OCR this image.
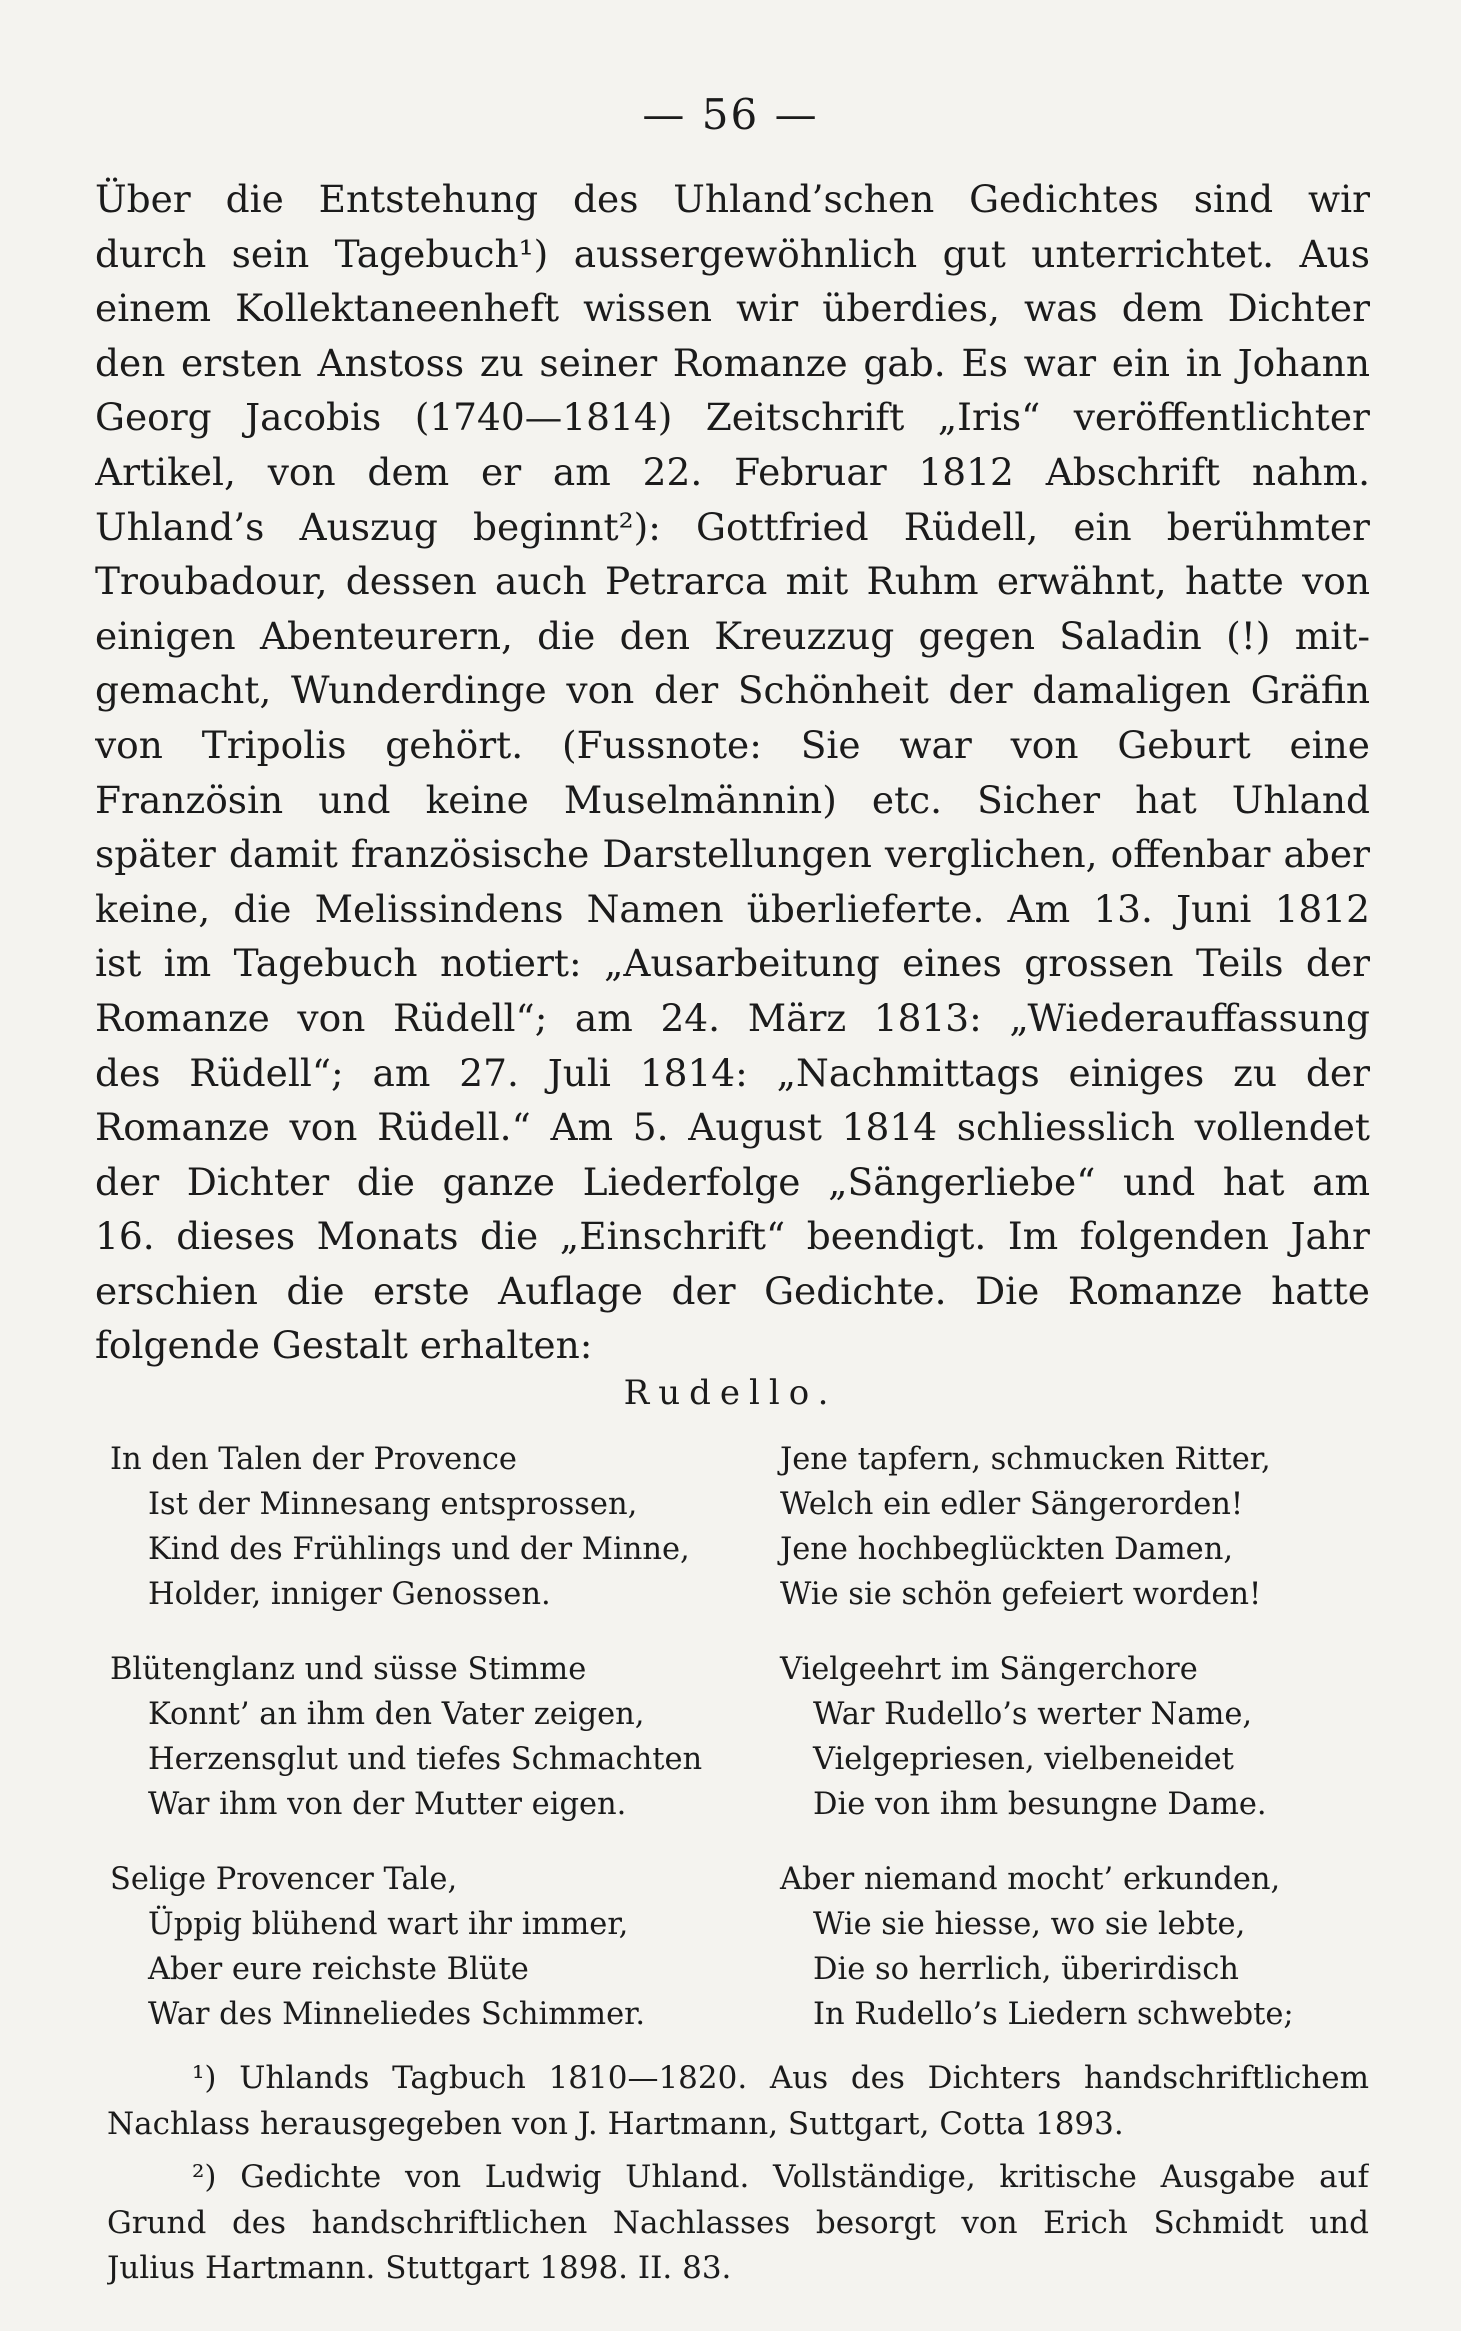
— 56 —
Über die Entstehung des Uhland’schen Gedichtes sind wir
durch sein Tagebuch¹) aussergewöhnlich gut unterrichtet. Aus
einem Kollektaneenheft wissen wir überdies, was dem Dichter
den ersten Anstoss zu seiner Romanze gab. Es war ein in Johann
Georg Jacobis (1740—1814) Zeitschrift „Iris“ veröffentlichter
Artikel, von dem er am 22. Februar 1812 Abschrift nahm.
Uhland’s Auszug beginnt²): Gottfried Rüdell, ein berühmter
Troubadour, dessen auch Petrarca mit Ruhm erwähnt, hatte von
einigen Abenteurern, die den Kreuzzug gegen Saladin (!) mit-
gemacht, Wunderdinge von der Schönheit der damaligen Gräfin
von Tripolis gehört. (Fussnote: Sie war von Geburt eine
Französin und keine Muselmännin) etc. Sicher hat Uhland
später damit französische Darstellungen verglichen, offenbar aber
keine, die Melissindens Namen überlieferte. Am 13. Juni 1812
ist im Tagebuch notiert: „Ausarbeitung eines grossen Teils der
Romanze von Rüdell“; am 24. März 1813: „Wiederauffassung
des Rüdell“; am 27. Juli 1814: „Nachmittags einiges zu der
Romanze von Rüdell.“ Am 5. August 1814 schliesslich vollendet
der Dichter die ganze Liederfolge „Sängerliebe“ und hat am
16. dieses Monats die „Einschrift“ beendigt. Im folgenden Jahr
erschien die erste Auflage der Gedichte. Die Romanze hatte
folgende Gestalt erhalten:
Rudello.
In den Talen der Provence
Ist der Minnesang entsprossen,
Kind des Frühlings und der Minne,
Holder, inniger Genossen.
Jene tapfern, schmucken Ritter,
Welch ein edler Sängerorden!
Jene hochbeglückten Damen,
Wie sie schön gefeiert worden!
Blütenglanz und süsse Stimme
Konnt’ an ihm den Vater zeigen,
Herzensglut und tiefes Schmachten
War ihm von der Mutter eigen.
Vielgeehrt im Sängerchore
War Rudello’s werter Name,
Vielgepriesen, vielbeneidet
Die von ihm besungne Dame.
Selige Provencer Tale,
Üppig blühend wart ihr immer,
Aber eure reichste Blüte
War des Minneliedes Schimmer.
Aber niemand mocht’ erkunden,
Wie sie hiesse, wo sie lebte,
Die so herrlich, überirdisch
In Rudello’s Liedern schwebte;
¹) Uhlands Tagbuch 1810—1820. Aus des Dichters handschriftlichem
Nachlass herausgegeben von J. Hartmann, Suttgart, Cotta 1893.
²) Gedichte von Ludwig Uhland. Vollständige, kritische Ausgabe auf
Grund des handschriftlichen Nachlasses besorgt von Erich Schmidt und
Julius Hartmann. Stuttgart 1898. II. 83.
